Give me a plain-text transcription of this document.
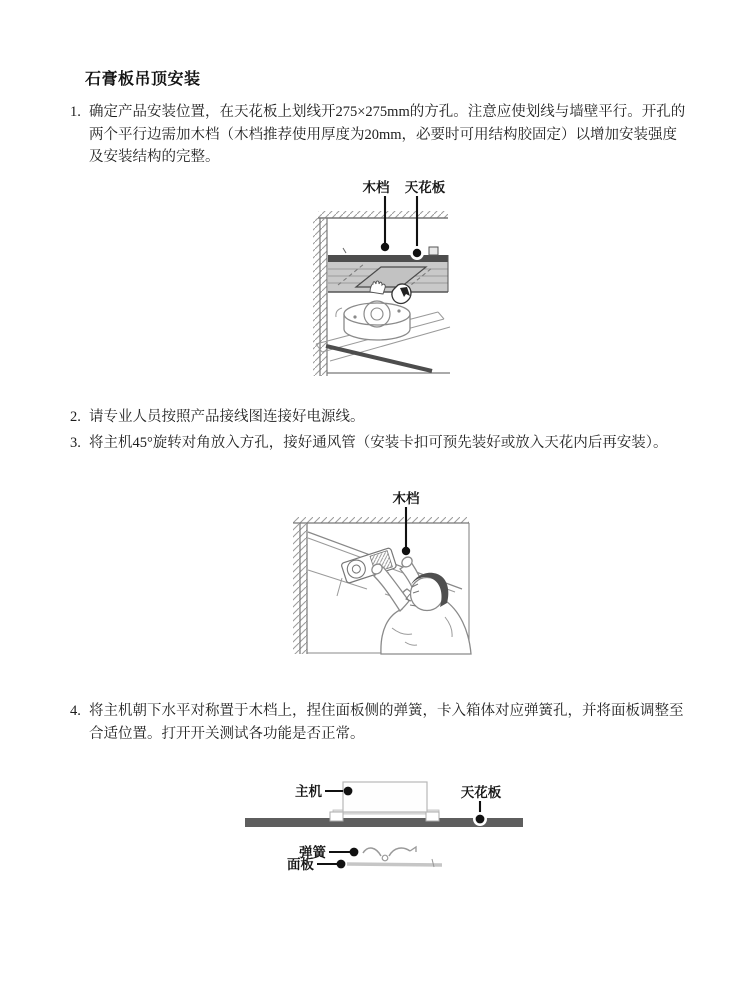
石膏板吊顶安装
1. 确定产品安装位置，在天花板上划线开275×275mm的方孔。注意应使划线与墙壁平行。开孔的两个平行边需加木档（木档推荐使用厚度为20mm，必要时可用结构胶固定）以增加安装强度及安装结构的完整。
木档 天花板
2. 请专业人员按照产品接线图连接好电源线。
3. 将主机45°旋转对角放入方孔，接好通风管（安装卡扣可预先装好或放入天花内后再安装）。
木档
4. 将主机朝下水平对称置于木档上，捏住面板侧的弹簧，卡入箱体对应弹簧孔，并将面板调整至合适位置。打开开关测试各功能是否正常。
主机	天花板
弹簧
面板
